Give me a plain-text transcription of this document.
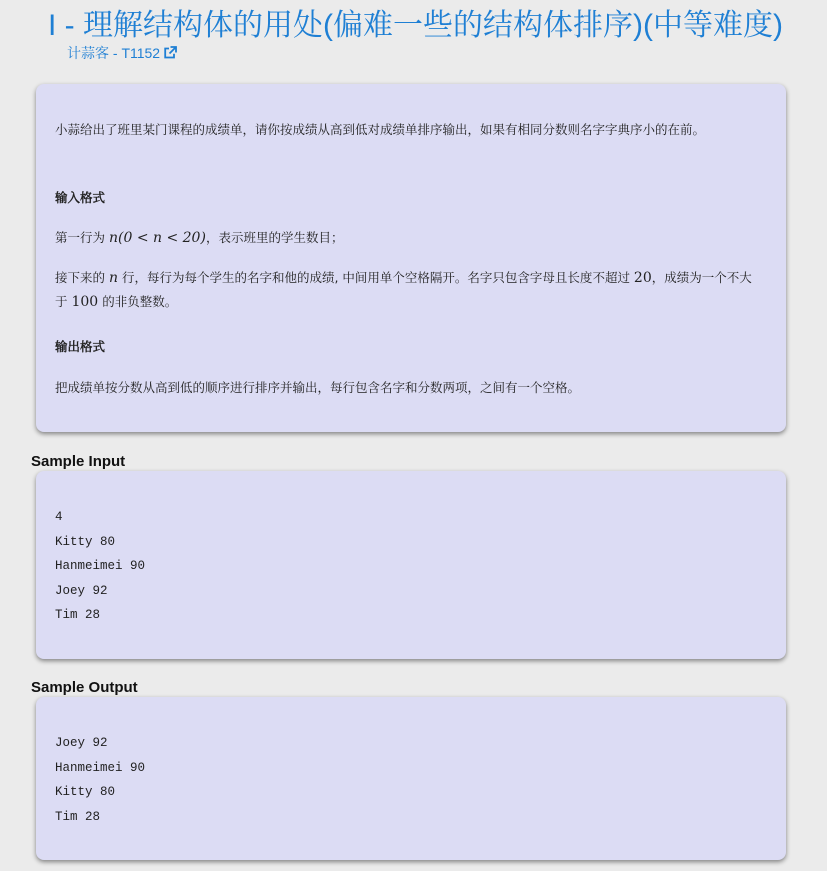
I - 理解结构体的用处(偏难一些的结构体排序)(中等难度)
计蒜客 - T1152

小蒜给出了班里某门课程的成绩单，请你按成绩从高到低对成绩单排序输出，如果有相同分数则名字字典序小的在前。

输入格式

第一行为 n(0 < n < 20)，表示班里的学生数目；

接下来的 n 行，每行为每个学生的名字和他的成绩, 中间用单个空格隔开。名字只包含字母且长度不超过 20，成绩为一个不大于 100 的非负整数。

输出格式

把成绩单按分数从高到低的顺序进行排序并输出，每行包含名字和分数两项，之间有一个空格。

Sample Input
4
Kitty 80
Hanmeimei 90
Joey 92
Tim 28
Sample Output
Joey 92
Hanmeimei 90
Kitty 80
Tim 28
